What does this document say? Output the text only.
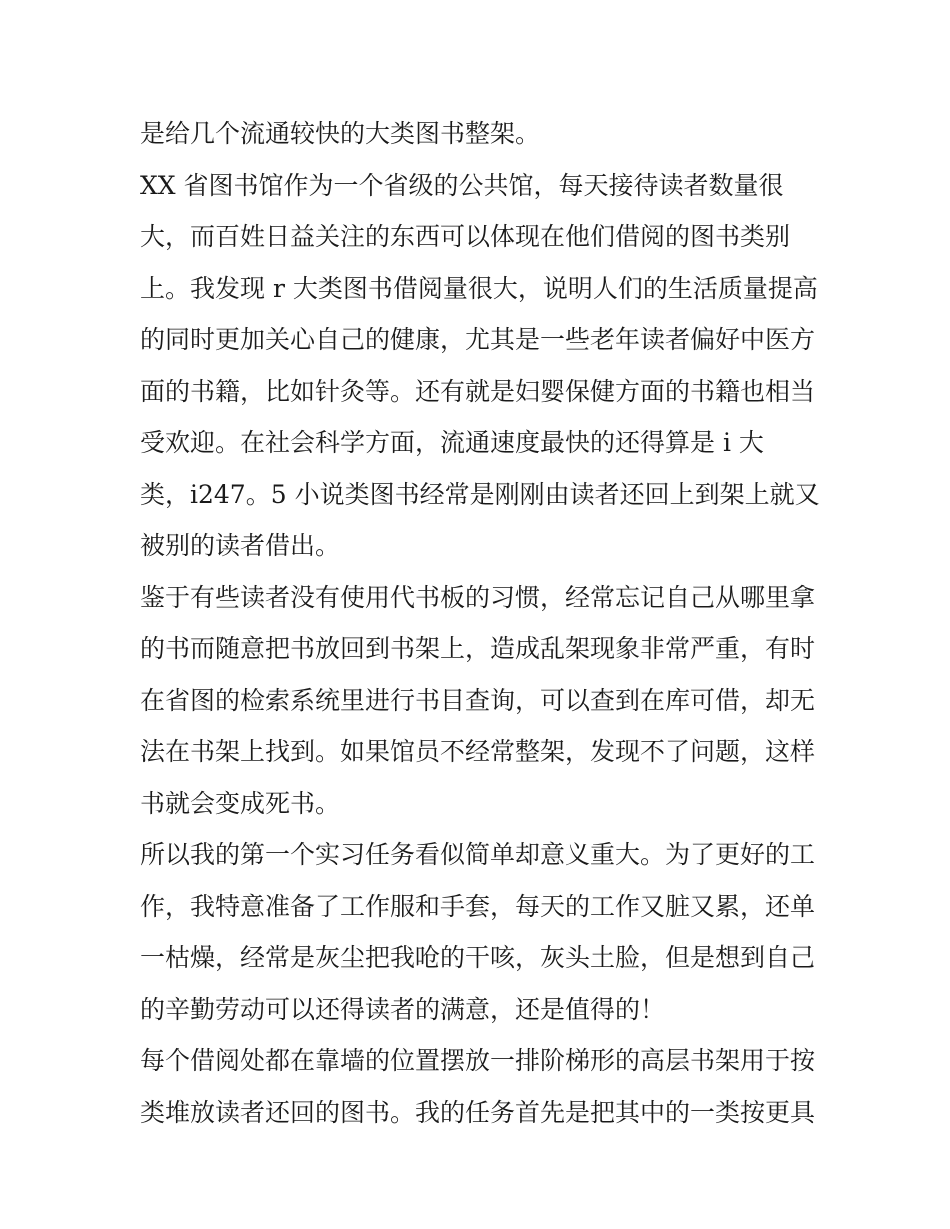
是给几个流通较快的大类图书整架。
XX 省图书馆作为一个省级的公共馆，每天接待读者数量很
大，而百姓日益关注的东西可以体现在他们借阅的图书类别
上。我发现 r 大类图书借阅量很大，说明人们的生活质量提高
的同时更加关心自己的健康，尤其是一些老年读者偏好中医方
面的书籍，比如针灸等。还有就是妇婴保健方面的书籍也相当
受欢迎。在社会科学方面，流通速度最快的还得算是 i 大
类，i247。5 小说类图书经常是刚刚由读者还回上到架上就又
被别的读者借出。
鉴于有些读者没有使用代书板的习惯，经常忘记自己从哪里拿
的书而随意把书放回到书架上，造成乱架现象非常严重，有时
在省图的检索系统里进行书目查询，可以查到在库可借，却无
法在书架上找到。如果馆员不经常整架，发现不了问题，这样
书就会变成死书。
所以我的第一个实习任务看似简单却意义重大。为了更好的工
作，我特意准备了工作服和手套，每天的工作又脏又累，还单
一枯燥，经常是灰尘把我呛的干咳，灰头土脸，但是想到自己
的辛勤劳动可以还得读者的满意，还是值得的！
每个借阅处都在靠墙的位置摆放一排阶梯形的高层书架用于按
类堆放读者还回的图书。我的任务首先是把其中的一类按更具
